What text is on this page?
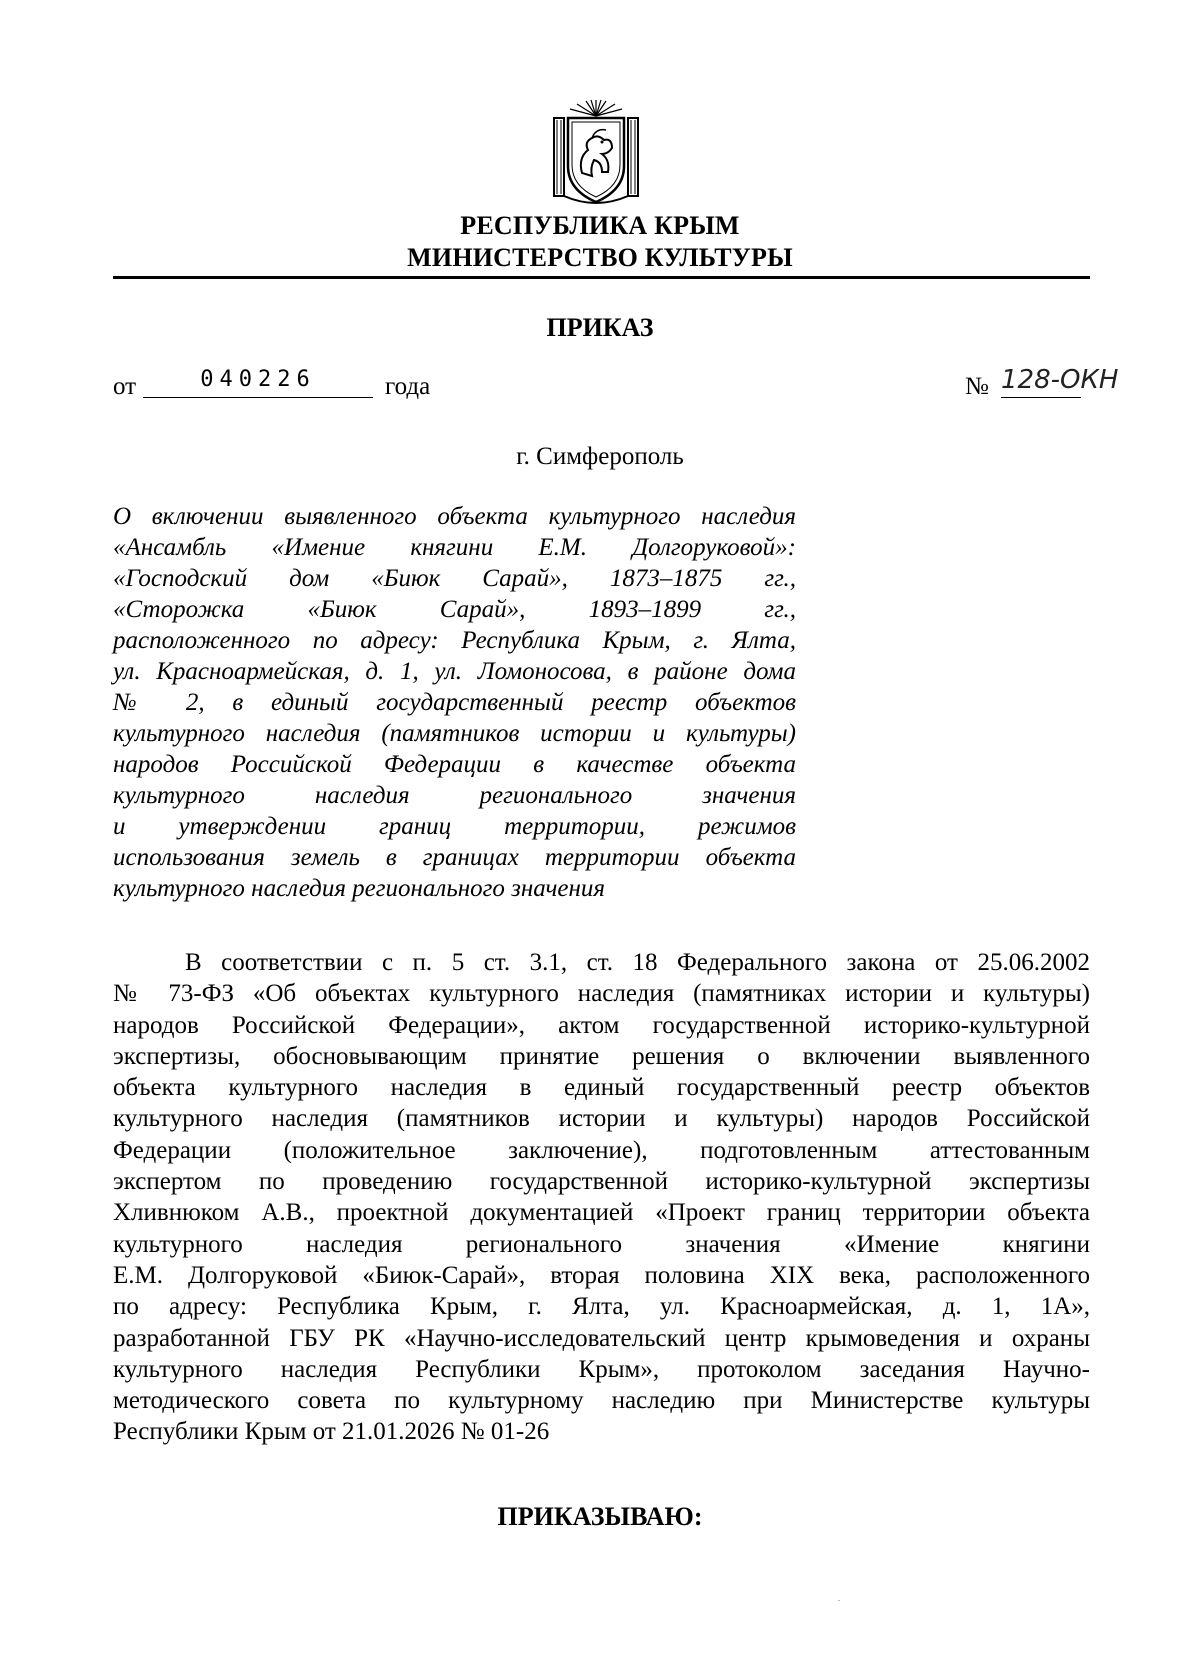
РЕСПУБЛИКА КРЫМ
МИНИСТЕРСТВО КУЛЬТУРЫ
ПРИКАЗ
от	040226	года	№ 128-ОКН
г. Симферополь
О включении выявленного объекта культурного наследия
«Ансамбль «Имение княгини Е.М. Долгоруковой»:
«Господский дом «Биюк Сарай», 1873–1875 гг.,
«Сторожка «Биюк Сарай», 1893–1899 гг.,
расположенного по адресу: Республика Крым, г. Ялта,
ул. Красноармейская, д. 1, ул. Ломоносова, в районе дома
№ 2, в единый государственный реестр объектов
культурного наследия (памятников истории и культуры)
народов Российской Федерации в качестве объекта
культурного наследия регионального значения
и утверждении границ территории, режимов
использования земель в границах территории объекта
культурного наследия регионального значения
В соответствии с п. 5 ст. 3.1, ст. 18 Федерального закона от 25.06.2002
№ 73-ФЗ «Об объектах культурного наследия (памятниках истории и культуры)
народов Российской Федерации», актом государственной историко-культурной
экспертизы, обосновывающим принятие решения о включении выявленного
объекта культурного наследия в единый государственный реестр объектов
культурного наследия (памятников истории и культуры) народов Российской
Федерации (положительное заключение), подготовленным аттестованным
экспертом по проведению государственной историко-культурной экспертизы
Хливнюком А.В., проектной документацией «Проект границ территории объекта
культурного наследия регионального значения «Имение княгини
Е.М. Долгоруковой «Биюк-Сарай», вторая половина XIX века, расположенного
по адресу: Республика Крым, г. Ялта, ул. Красноармейская, д. 1, 1А»,
разработанной ГБУ РК «Научно-исследовательский центр крымоведения и охраны
культурного наследия Республики Крым», протоколом заседания Научно-
методического совета по культурному наследию при Министерстве культуры
Республики Крым от 21.01.2026 № 01-26
ПРИКАЗЫВАЮ:
